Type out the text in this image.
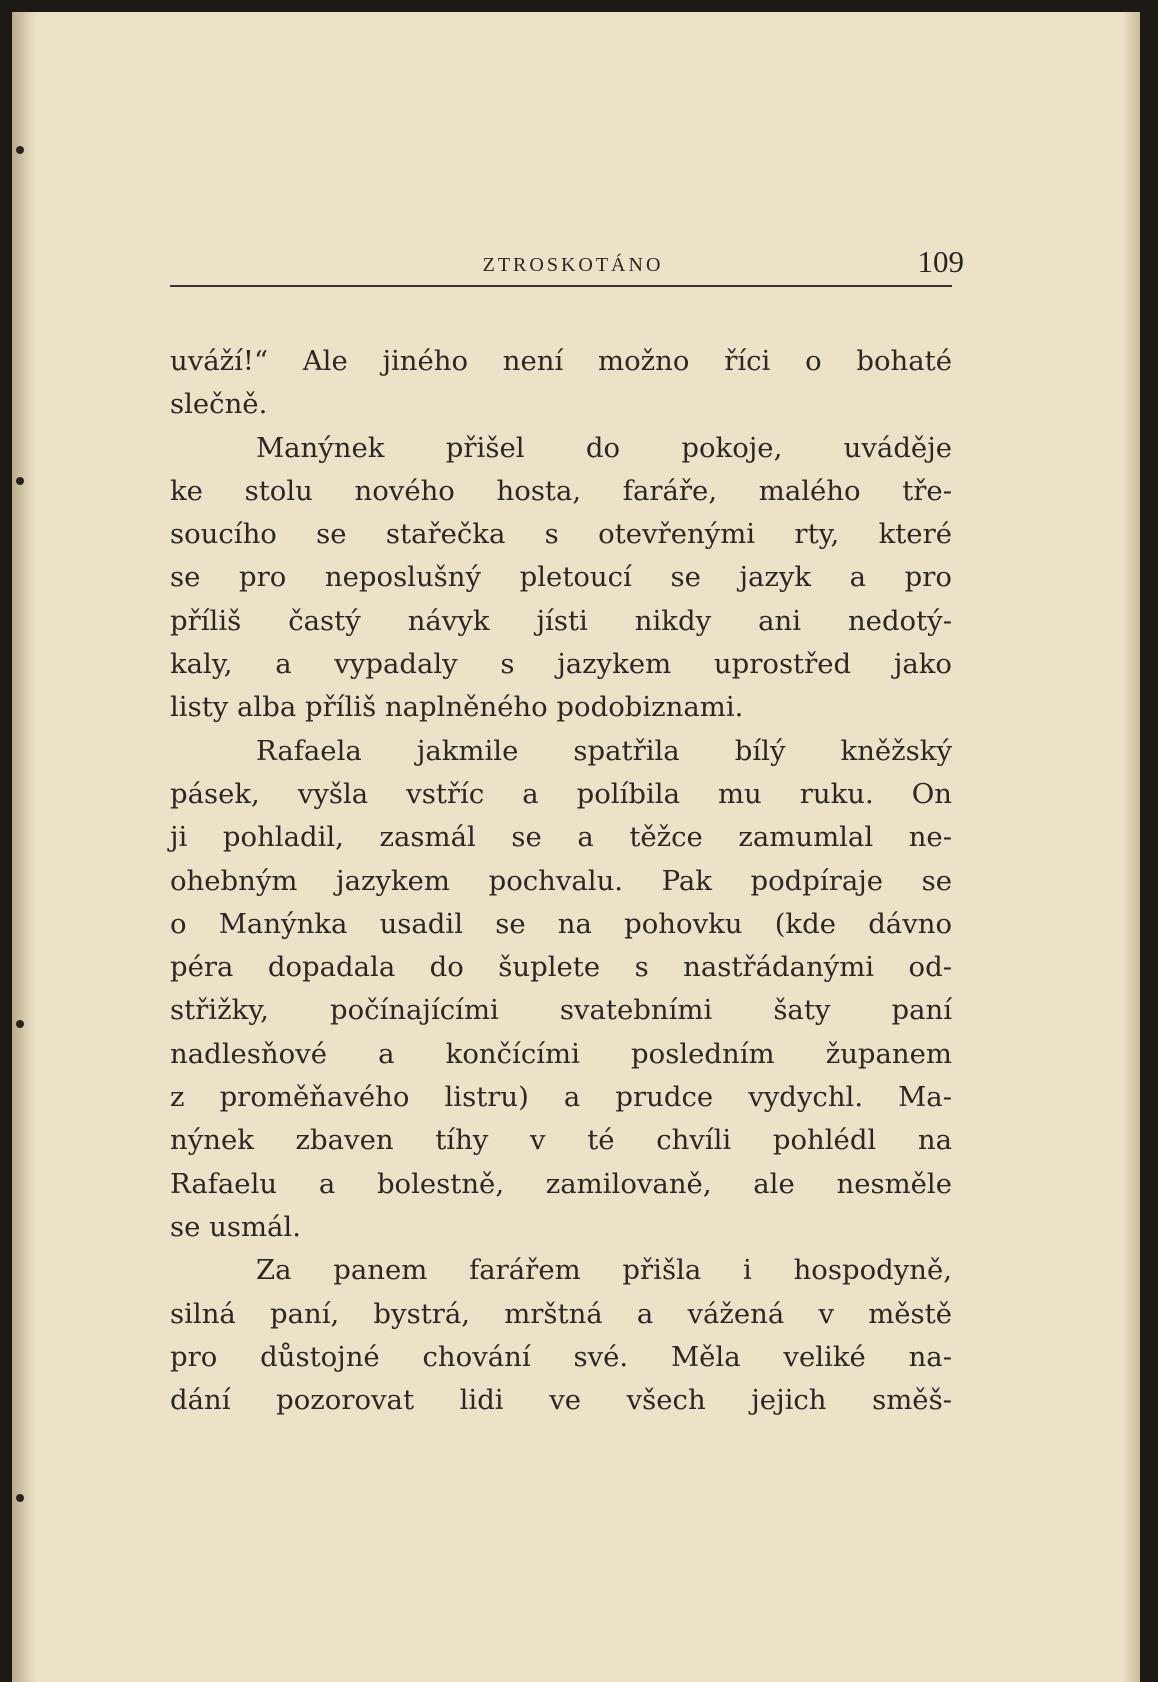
ZTROSKOTÁNO	109
uváží!“ Ale jiného není možno říci o bohaté
slečně.
Manýnek přišel do pokoje, uváděje
ke stolu nového hosta, faráře, malého tře-
soucího se stařečka s otevřenými rty, které
se pro neposlušný pletoucí se jazyk a pro
příliš častý návyk jísti nikdy ani nedotý-
kaly, a vypadaly s jazykem uprostřed jako
listy alba příliš naplněného podobiznami.
Rafaela jakmile spatřila bílý kněžský
pásek, vyšla vstříc a políbila mu ruku. On
ji pohladil, zasmál se a těžce zamumlal ne-
ohebným jazykem pochvalu. Pak podpíraje se
o Manýnka usadil se na pohovku (kde dávno
péra dopadala do šuplete s nastřádanými od-
střižky, počínajícími svatebními šaty paní
nadlesňové a končícími posledním županem
z proměňavého listru) a prudce vydychl. Ma-
nýnek zbaven tíhy v té chvíli pohlédl na
Rafaelu a bolestně, zamilovaně, ale nesměle
se usmál.
Za panem farářem přišla i hospodyně,
silná paní, bystrá, mrštná a vážená v městě
pro důstojné chování své. Měla veliké na-
dání pozorovat lidi ve všech jejich směš-
